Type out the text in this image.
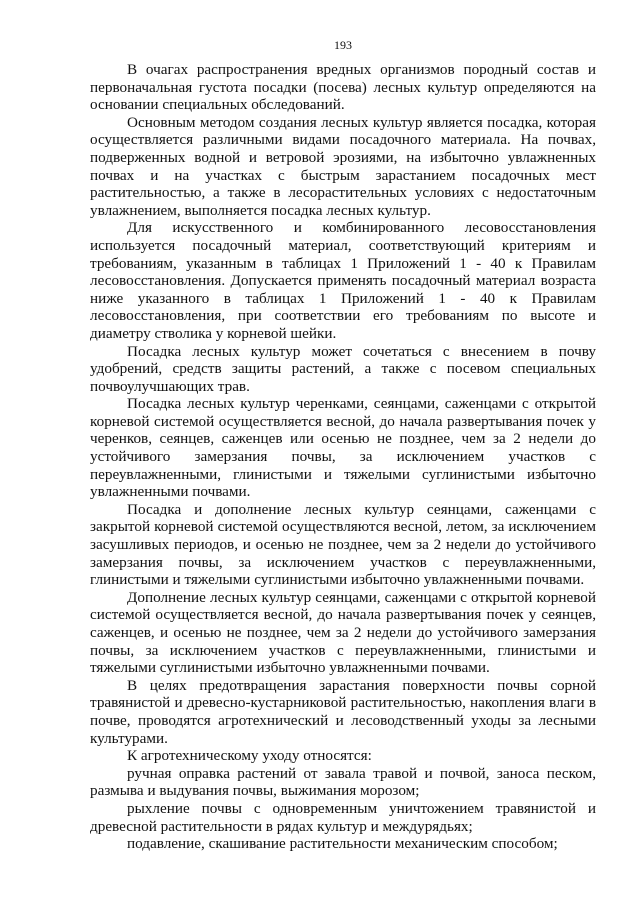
193

В очагах распространения вредных организмов породный состав и первоначальная густота посадки (посева) лесных культур определяются на основании специальных обследований.

Основным методом создания лесных культур является посадка, которая осуществляется различными видами посадочного материала. На почвах, подверженных водной и ветровой эрозиями, на избыточно увлажненных почвах и на участках с быстрым зарастанием посадочных мест растительностью, а также в лесорастительных условиях с недостаточным увлажнением, выполняется посадка лесных культур.

Для искусственного и комбинированного лесовосстановления используется посадочный материал, соответствующий критериям и требованиям, указанным в таблицах 1 Приложений 1 - 40 к Правилам лесовосстановления. Допускается применять посадочный материал возраста ниже указанного в таблицах 1 Приложений 1 - 40 к Правилам лесовосстановления, при соответствии его требованиям по высоте и диаметру стволика у корневой шейки.

Посадка лесных культур может сочетаться с внесением в почву удобрений, средств защиты растений, а также с посевом специальных почвоулучшающих трав.

Посадка лесных культур черенками, сеянцами, саженцами с открытой корневой системой осуществляется весной, до начала развертывания почек у черенков, сеянцев, саженцев или осенью не позднее, чем за 2 недели до устойчивого замерзания почвы, за исключением участков с переувлажненными, глинистыми и тяжелыми суглинистыми избыточно увлажненными почвами.

Посадка и дополнение лесных культур сеянцами, саженцами с закрытой корневой системой осуществляются весной, летом, за исключением засушливых периодов, и осенью не позднее, чем за 2 недели до устойчивого замерзания почвы, за исключением участков с переувлажненными, глинистыми и тяжелыми суглинистыми избыточно увлажненными почвами.

Дополнение лесных культур сеянцами, саженцами с открытой корневой системой осуществляется весной, до начала развертывания почек у сеянцев, саженцев, и осенью не позднее, чем за 2 недели до устойчивого замерзания почвы, за исключением участков с переувлажненными, глинистыми и тяжелыми суглинистыми избыточно увлажненными почвами.

В целях предотвращения зарастания поверхности почвы сорной травянистой и древесно-кустарниковой растительностью, накопления влаги в почве, проводятся агротехнический и лесоводственный уходы за лесными культурами.

К агротехническому уходу относятся:

ручная оправка растений от завала травой и почвой, заноса песком, размыва и выдувания почвы, выжимания морозом;

рыхление почвы с одновременным уничтожением травянистой и древесной растительности в рядах культур и междурядьях;

подавление, скашивание растительности механическим способом;
